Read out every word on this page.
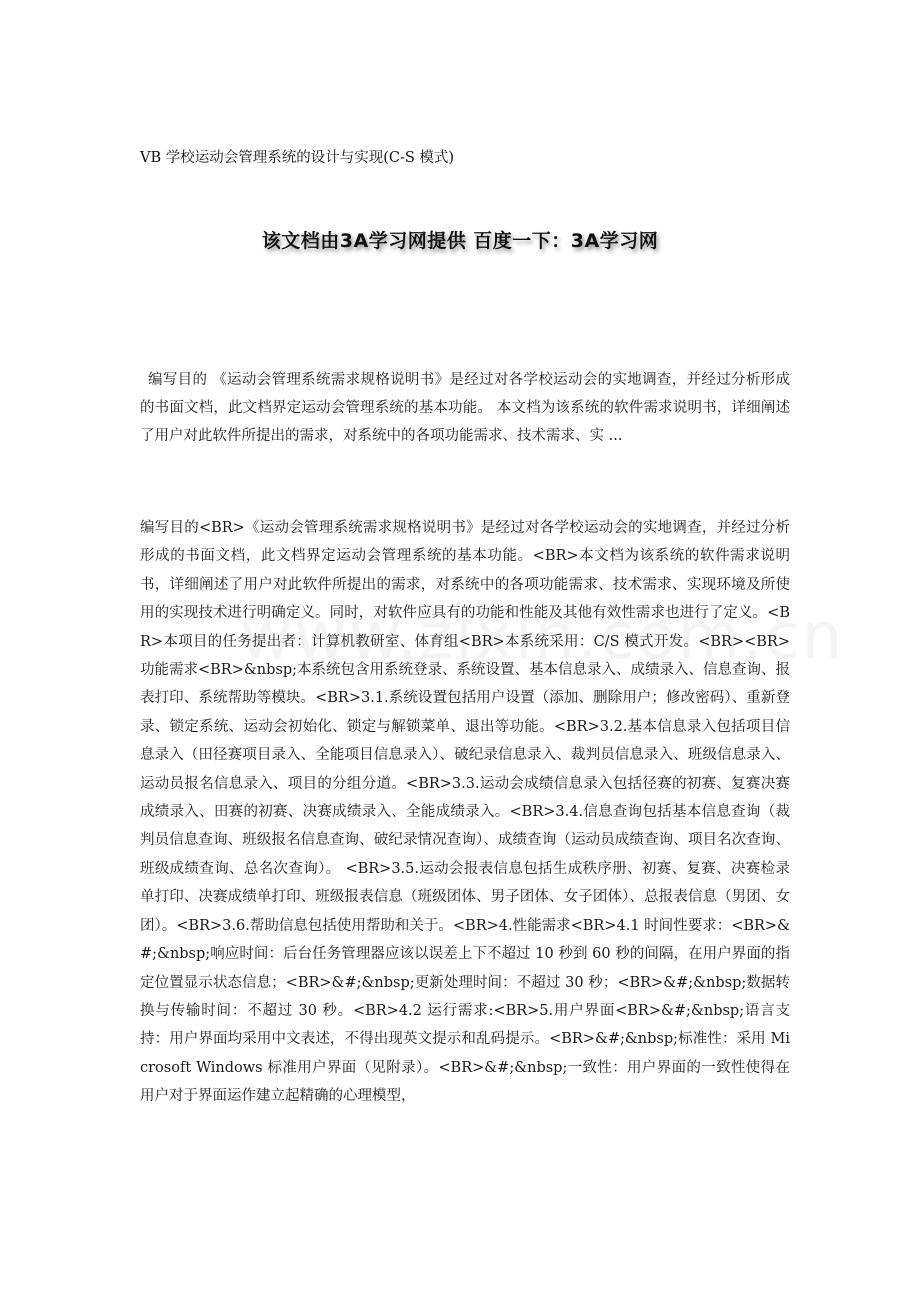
VB 学校运动会管理系统的设计与实现(C-S 模式)
该文档由3A学习网提供 百度一下：3A学习网

编写目的 《运动会管理系统需求规格说明书》是经过对各学校运动会的实地调查，并经过分析形成的书面文档，此文档界定运动会管理系统的基本功能。 本文档为该系统的软件需求说明书，详细阐述了用户对此软件所提出的需求，对系统中的各项功能需求、技术需求、实 ...

编写目的<BR>《运动会管理系统需求规格说明书》是经过对各学校运动会的实地调查，并经过分析形成的书面文档，此文档界定运动会管理系统的基本功能。<BR>本文档为该系统的软件需求说明书，详细阐述了用户对此软件所提出的需求，对系统中的各项功能需求、技术需求、实现环境及所使用的实现技术进行明确定义。同时，对软件应具有的功能和性能及其他有效性需求也进行了定义。<BR>本项目的任务提出者：计算机教研室、体育组<BR>本系统采用：C/S 模式开发。<BR><BR>功能需求<BR>&nbsp;本系统包含用系统登录、系统设置、基本信息录入、成绩录入、信息查询、报表打印、系统帮助等模块。<BR>3.1.系统设置包括用户设置（添加、删除用户；修改密码）、重新登录、锁定系统、运动会初始化、锁定与解锁菜单、退出等功能。<BR>3.2.基本信息录入包括项目信息录入（田径赛项目录入、全能项目信息录入）、破纪录信息录入、裁判员信息录入、班级信息录入、运动员报名信息录入、项目的分组分道。<BR>3.3.运动会成绩信息录入包括径赛的初赛、复赛决赛成绩录入、田赛的初赛、决赛成绩录入、全能成绩录入。<BR>3.4.信息查询包括基本信息查询（裁判员信息查询、班级报名信息查询、破纪录情况查询）、成绩查询（运动员成绩查询、项目名次查询、班级成绩查询、总名次查询）。 <BR>3.5.运动会报表信息包括生成秩序册、初赛、复赛、决赛检录单打印、决赛成绩单打印、班级报表信息（班级团体、男子团体、女子团体）、总报表信息（男团、女团）。<BR>3.6.帮助信息包括使用帮助和关于。<BR>4.性能需求<BR>4.1 时间性要求：<BR>&#;&nbsp;响应时间：后台任务管理器应该以误差上下不超过 10 秒到 60 秒的间隔，在用户界面的指定位置显示状态信息；<BR>&#;&nbsp;更新处理时间：不超过 30 秒；<BR>&#;&nbsp;数据转换与传输时间：不超过 30 秒。<BR>4.2 运行需求:<BR>5.用户界面<BR>&#;&nbsp;语言支持：用户界面均采用中文表述，不得出现英文提示和乱码提示。<BR>&#;&nbsp;标准性：采用 Microsoft Windows 标准用户界面（见附录）。<BR>&#;&nbsp;一致性：用户界面的一致性使得在用户对于界面运作建立起精确的心理模型，
